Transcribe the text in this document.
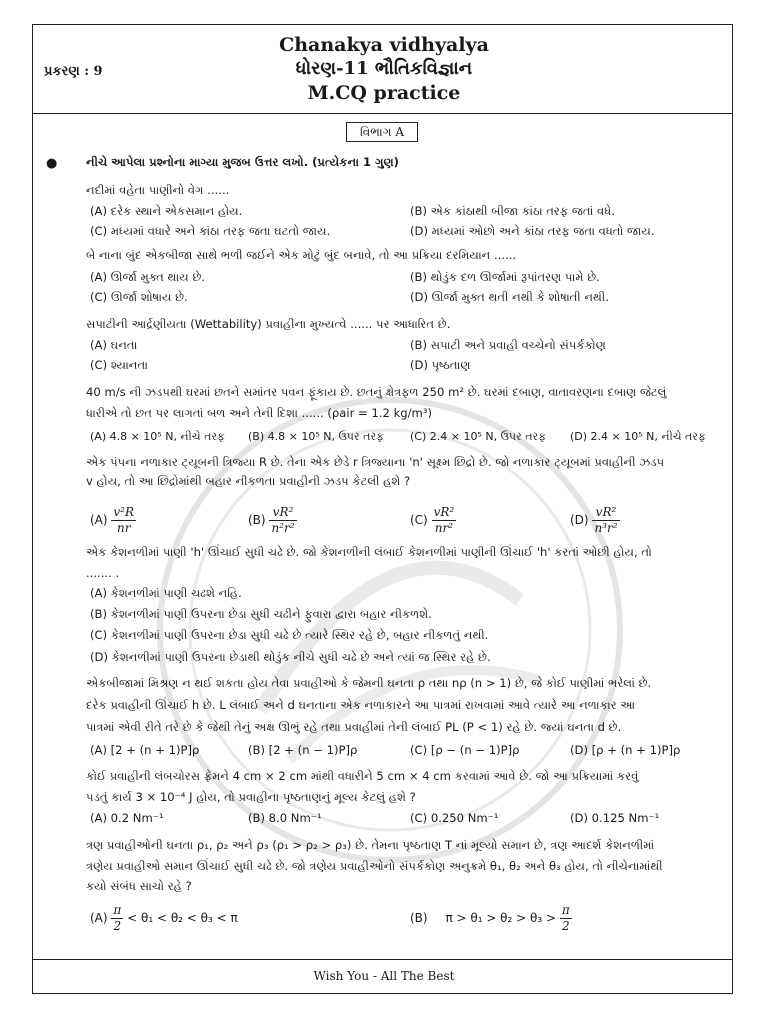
પ્રકરણ : 9
Chanakya vidhyalya
ધોરણ-11 ભૌતિકવિજ્ઞાન
M.CQ practice
વિભાગ A
● નીચે આપેલા પ્રશ્નોના માગ્યા મુજબ ઉત્તર લખો. (પ્રત્યેકના 1 ગુણ)
નદીમાં વહેતા પાણીનો વેગ ......
(A) દરેક સ્થાને એકસમાન હોય.	(B) એક કાંઠાથી બીજા કાંઠા તરફ જતાં વધે.
(C) મધ્યમાં વધારે અને કાંઠા તરફ જતા ઘટતો જાય.	(D) મધ્યમાં ઓછો અને કાંઠા તરફ જતા વધતો જાય.
બે નાના બુંદ એકબીજા સાથે ભળી જઈને એક મોટું બુંદ બનાવે, તો આ પ્રક્રિયા દરમિયાન ......
(A) ઊર્જા મુક્ત થાય છે.	(B) થોડુંક દળ ઊર્જામાં રૂપાંતરણ પામે છે.
(C) ઊર્જા શોષાય છે.	(D) ઊર્જા મુક્ત થતી નથી કે શોષાતી નથી.
સપાટીની આર્દ્રણીયતા (Wettability) પ્રવાહીના મુખ્યત્વે ...... પર આધારિત છે.
(A) ઘનતા	(B) સપાટી અને પ્રવાહી વચ્ચેનો સંપર્કકોણ
(C) શ્યાનતા	(D) પૃષ્ઠતાણ
40 m/s ની ઝડપથી ઘરમાં છતને સમાંતર પવન ફૂંકાય છે. છતનું ક્ષેત્રફળ 250 m² છે. ઘરમાં દબાણ, વાતાવરણના દબાણ જેટલું
ધારીએ તો છત પર લાગતાં બળ અને તેની દિશા ...... (ρair = 1.2 kg/m³)
(A) 4.8 × 10⁵ N, નીચે તરફ (B) 4.8 × 10⁵ N, ઉપર તરફ (C) 2.4 × 10⁵ N, ઉપર તરફ (D) 2.4 × 10⁵ N, નીચે તરફ
એક પંપના નળાકાર ટ્યૂબની ત્રિજ્યા R છે. તેના એક છેડે r ત્રિજ્યાના 'n' સૂક્ષ્મ છિદ્રો છે. જો નળાકાર ટ્યૂબમાં પ્રવાહીની ઝડપ
v હોય, તો આ છિદ્રોમાંથી બહાર નીકળતા પ્રવાહીની ઝડપ કેટલી હશે ?
$(A) \frac{\text{v²R}}{nr}$	$(B) \frac{\text{vR²}}{\text{n²r²}}$	$(C) \frac{\text{vR²}}{\text{nr²}}$	$(D) \frac{\text{vR²}}{\text{n³r²}}$
એક કેશનળીમાં પાણી 'h' ઊંચાઈ સુધી ચઢે છે. જો કેશનળીની લંબાઈ કેશનળીમાં પાણીની ઊંચાઈ 'h' કરતાં ઓછી હોય, તો
....... .
(A) કેશનળીમાં પાણી ચઢશે નહિ.
(B) કેશનળીમાં પાણી ઉપરના છેડા સુધી ચઢીને ફુવારા દ્વારા બહાર નીકળશે.
(C) કેશનળીમાં પાણી ઉપરના છેડા સુધી ચઢે છે ત્યારે સ્થિર રહે છે, બહાર નીકળતું નથી.
(D) કેશનળીમાં પાણી ઉપરના છેડાથી થોડુંક નીચે સુધી ચઢે છે અને ત્યાં જ સ્થિર રહે છે.
એકબીજામાં મિશ્રણ ન થઈ શકતા હોય તેવા પ્રવાહીઓ કે જેમની ઘનતા ρ તથા nρ (n > 1) છે, જે કોઈ પાણીમાં ભરેલાં છે.
દરેક પ્રવાહીની ઊંચાઈ h છે. L લંબાઈ અને d ઘનતાના એક નળાકારને આ પાત્રમાં રાખવામાં આવે ત્યારે આ નળાકાર આ
પાત્રમાં એવી રીતે તરે છે કે જેથી તેનું અક્ષ ઊભું રહે તથા પ્રવાહીમાં તેની લંબાઈ PL (P < 1) રહે છે. જ્યાં ઘનતા d છે.
(A) [2 + (n + 1)P]ρ	(B) [2 + (n − 1)P]ρ	(C) [ρ − (n − 1)P]ρ	(D) [ρ + (n + 1)P]ρ
કોઈ પ્રવાહીની લંબચોરસ ફ્રેમને 4 cm × 2 cm માંથી વધારીને 5 cm × 4 cm કરવામાં આવે છે. જો આ પ્રક્રિયામાં કરવું
પડતું કાર્ય 3 × 10⁻⁴ J હોય, તો પ્રવાહીના પૃષ્ઠતાણનું મૂલ્ય કેટલું હશે ?
(A) 0.2 Nm⁻¹	(B) 8.0 Nm⁻¹	(C) 0.250 Nm⁻¹	(D) 0.125 Nm⁻¹
ત્રણ પ્રવાહીઓની ઘનતા ρ₁, ρ₂ અને ρ₃ (ρ₁ > ρ₂ > ρ₃) છે. તેમના પૃષ્ઠતાણ T નાં મૂલ્યો સમાન છે, ત્રણ આદર્શ કેશનળીમાં
ત્રણેય પ્રવાહીઓ સમાન ઊંચાઈ સુધી ચઢે છે. જો ત્રણેય પ્રવાહીઓનો સંપર્કકોણ અનુક્રમે θ₁, θ₂ અને θ₃ હોય, તો નીચેનામાંથી
કયો સંબંધ સાચો રહે ?
$(A) \frac{\pi}{2} < \theta_1 < \theta_2 < \theta_3 < \pi$	(B) $\pi > \theta_1 > \theta_2 > \theta_3 > \frac{\pi}{2}$
Wish You - All The Best
